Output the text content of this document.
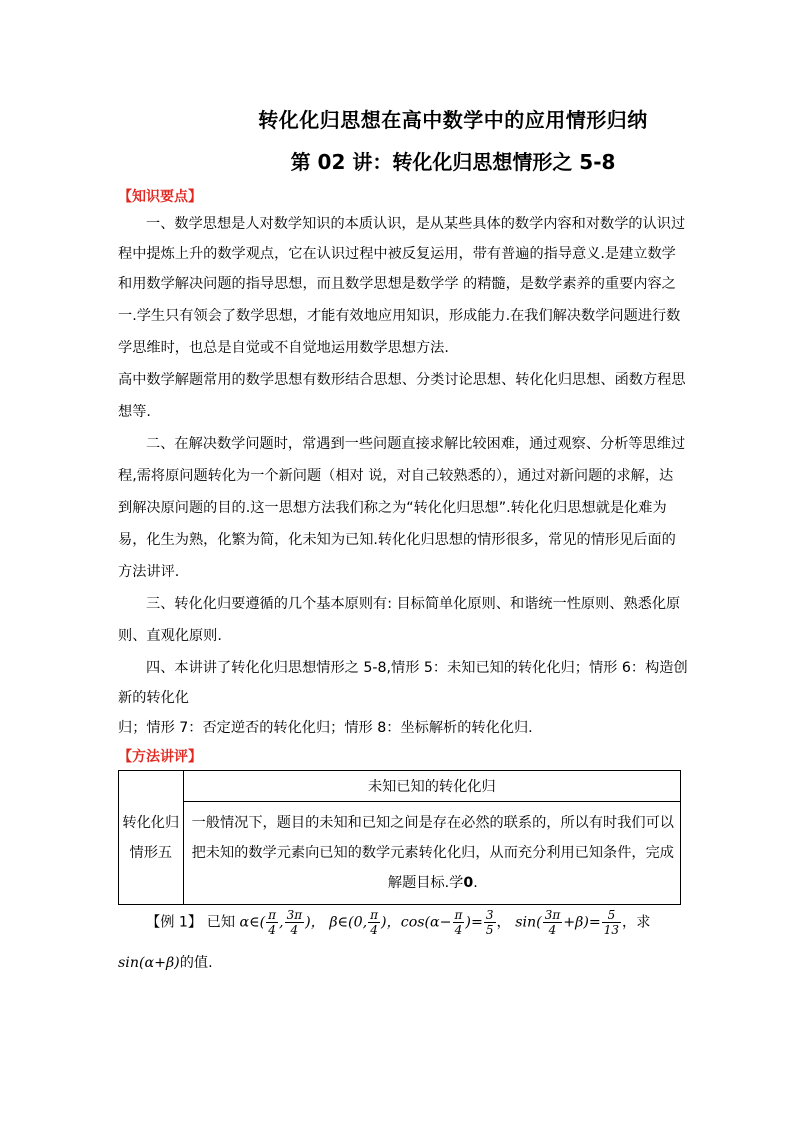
转化化归思想在高中数学中的应用情形归纳
第 02 讲：转化化归思想情形之 5-8
【知识要点】
一、数学思想是人对数学知识的本质认识，是从某些具体的数学内容和对数学的认识过
程中提炼上升的数学观点，它在认识过程中被反复运用，带有普遍的指导意义.是建立数学
和用数学解决问题的指导思想，而且数学思想是数学学 的精髓，是数学素养的重要内容之
一.学生只有领会了数学思想，才能有效地应用知识，形成能力.在我们解决数学问题进行数
学思维时，也总是自觉或不自觉地运用数学思想方法.
高中数学解题常用的数学思想有数形结合思想、分类讨论思想、转化化归思想、函数方程思
想等.
二、在解决数学问题时，常遇到一些问题直接求解比较困难，通过观察、分析等思维过
程,需将原问题转化为一个新问题（相对 说，对自己较熟悉的），通过对新问题的求解，达
到解决原问题的目的.这一思想方法我们称之为“转化化归思想”.转化化归思想就是化难为
易，化生为熟，化繁为简，化未知为已知.转化化归思想的情形很多，常见的情形见后面的
方法讲评.
三、转化化归要遵循的几个基本原则有: 目标简单化原则、和谐统一性原则、熟悉化原
则、直观化原则.
四、本讲讲了转化化归思想情形之 5-8,情形 5：未知已知的转化化归；情形 6：构造创
新的转化化
归；情形 7：否定逆否的转化化归；情形 8：坐标解析的转化化归.
【方法讲评】
转化化归
情形五
	未知已知的转化化归

一般情况下，题目的未知和已知之间是存在必然的联系的，所以有时我们可以
把未知的数学元素向已知的数学元素转化化归，从而充分利用已知条件，完成
解题目标.学0.
【例 1】 已知 α∈( $\frac{\pi}{4}$ , $\frac{3\pi}{4}$ )， β∈(0, $\frac{\pi}{4}$ )，$\cos(\alpha- \frac{\pi}{4}$ )= $\frac{3}{5}$ ， $\sin( \frac{3\pi}{4} +\beta)= \frac{5}{13}$ ，求
sin(α+β)的值.
